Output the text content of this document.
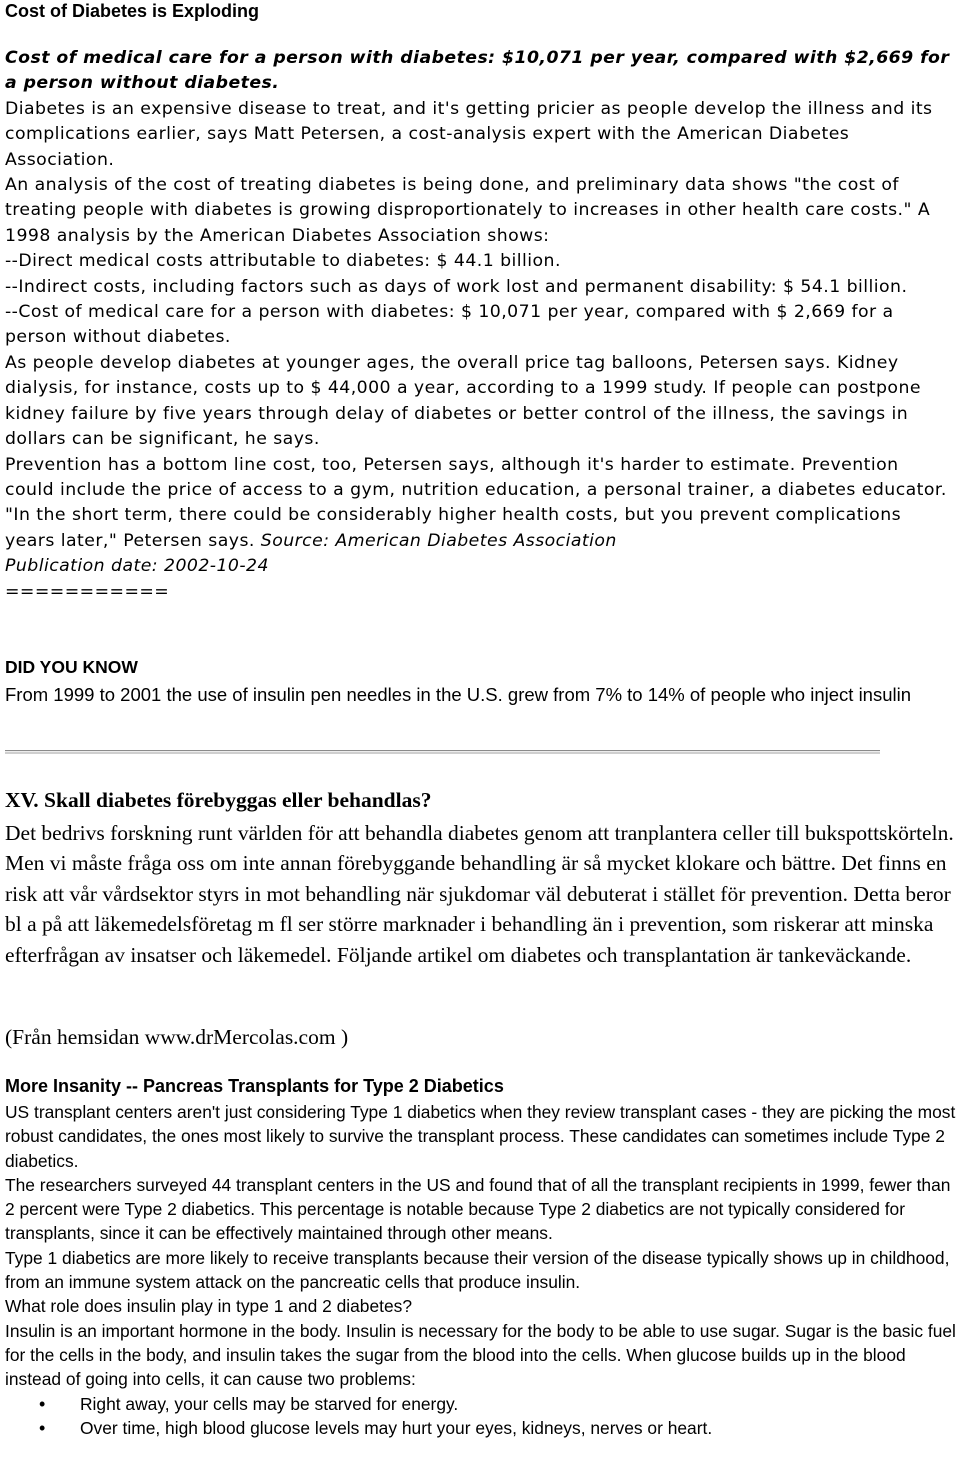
Cost of Diabetes is Exploding

Cost of medical care for a person with diabetes: $10,071 per year, compared with $2,669 for a person without diabetes.

Diabetes is an expensive disease to treat, and it's getting pricier as people develop the illness and its complications earlier, says Matt Petersen, a cost-analysis expert with the American Diabetes Association.

An analysis of the cost of treating diabetes is being done, and preliminary data shows "the cost of treating people with diabetes is growing disproportionately to increases in other health care costs." A 1998 analysis by the American Diabetes Association shows:

--Direct medical costs attributable to diabetes: $ 44.1 billion.

--Indirect costs, including factors such as days of work lost and permanent disability: $ 54.1 billion.

--Cost of medical care for a person with diabetes: $ 10,071 per year, compared with $ 2,669 for a person without diabetes.

As people develop diabetes at younger ages, the overall price tag balloons, Petersen says. Kidney dialysis, for instance, costs up to $ 44,000 a year, according to a 1999 study. If people can postpone kidney failure by five years through delay of diabetes or better control of the illness, the savings in dollars can be significant, he says.

Prevention has a bottom line cost, too, Petersen says, although it's harder to estimate. Prevention could include the price of access to a gym, nutrition education, a personal trainer, a diabetes educator.

"In the short term, there could be considerably higher health costs, but you prevent complications years later," Petersen says. Source: American Diabetes Association

Publication date: 2002-10-24

===========

DID YOU KNOW
From 1999 to 2001 the use of insulin pen needles in the U.S. grew from 7% to 14% of people who inject insulin
XV. Skall diabetes förebyggas eller behandlas?
Det bedrivs forskning runt världen för att behandla diabetes genom att tranplantera celler till bukspottskörteln. Men vi måste fråga oss om inte annan förebyggande behandling är så mycket klokare och bättre. Det finns en risk att vår vårdsektor styrs in mot behandling när sjukdomar väl debuterat i stället för prevention. Detta beror bl a på att läkemedelsföretag m fl ser större marknader i behandling än i prevention, som riskerar att minska efterfrågan av insatser och läkemedel. Följande artikel om diabetes och transplantation är tankeväckande.
(Från hemsidan www.drMercolas.com )
More Insanity -- Pancreas Transplants for Type 2 Diabetics

US transplant centers aren't just considering Type 1 diabetics when they review transplant cases - they are picking the most robust candidates, the ones most likely to survive the transplant process. These candidates can sometimes include Type 2 diabetics.

The researchers surveyed 44 transplant centers in the US and found that of all the transplant recipients in 1999, fewer than 2 percent were Type 2 diabetics. This percentage is notable because Type 2 diabetics are not typically considered for transplants, since it can be effectively maintained through other means.

Type 1 diabetics are more likely to receive transplants because their version of the disease typically shows up in childhood, from an immune system attack on the pancreatic cells that produce insulin.

What role does insulin play in type 1 and 2 diabetes?

Insulin is an important hormone in the body. Insulin is necessary for the body to be able to use sugar. Sugar is the basic fuel for the cells in the body, and insulin takes the sugar from the blood into the cells. When glucose builds up in the blood instead of going into cells, it can cause two problems:

• Right away, your cells may be starved for energy.
• Over time, high blood glucose levels may hurt your eyes, kidneys, nerves or heart.
